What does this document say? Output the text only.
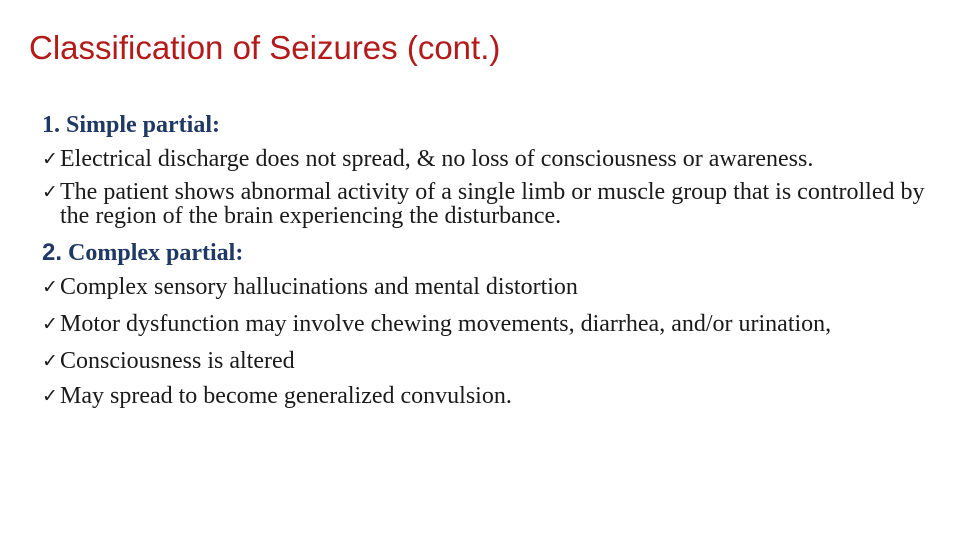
Classification of Seizures (cont.)

1. Simple partial:

✓ Electrical discharge does not spread, & no loss of consciousness or awareness.

✓ The patient shows abnormal activity of a single limb or muscle group that is controlled by the region of the brain experiencing the disturbance.

2. Complex partial:

✓ Complex sensory hallucinations and mental distortion

✓ Motor dysfunction may involve chewing movements, diarrhea, and/or urination,

✓ Consciousness is altered

✓ May spread to become generalized convulsion.
